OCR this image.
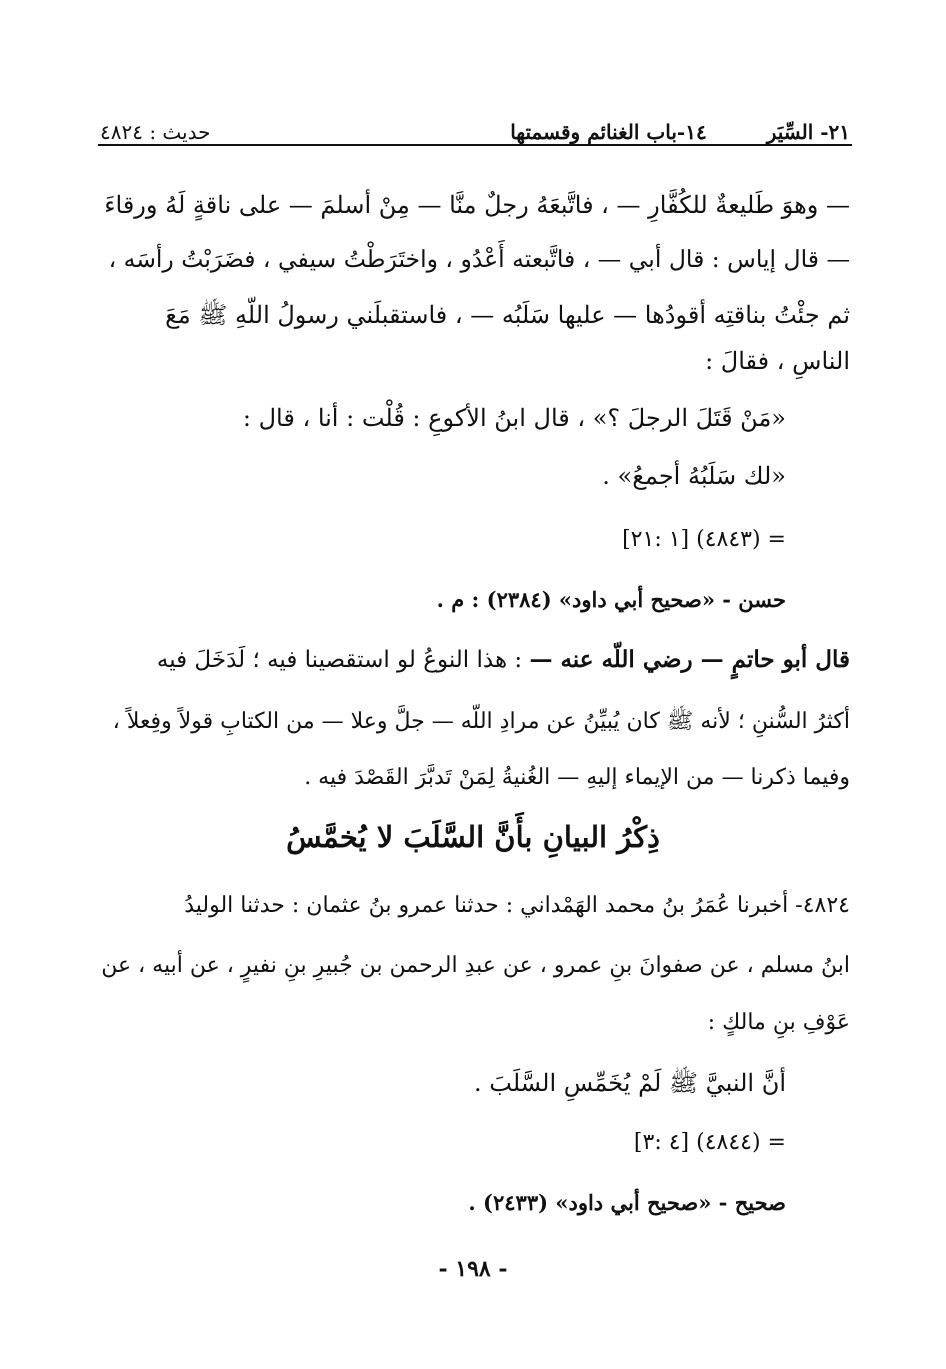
٢١- السِّيَر
١٤-باب الغنائم وقسمتها
حديث : ٤٨٢٤
— وهوَ طَليعةٌ للكُفَّارِ — ، فاتَّبعَهُ رجلٌ منَّا — مِنْ أسلمَ — على ناقةٍ لَهُ ورقاءَ
— قال إياس : قال أبي — ، فاتَّبعته أَعْدُو ، واختَرَطْتُ سيفي ، فضَرَبْتُ رأسَه ،
ثم جئْتُ بناقتِه أقودُها — عليها سَلَبُه — ، فاستقبلَني رسولُ اللّهِ ﷺ مَعَ
الناسِ ، فقالَ :
«مَنْ قَتَلَ الرجلَ ؟» ، قال ابنُ الأكوعِ : قُلْت : أنا ، قال :
«لك سَلَبُهُ أجمعُ» .
= (٤٨٤٣) [١ :٢١]
حسن - «صحيح أبي داود» (٢٣٨٤) : م .
قال أبو حاتمٍ — رضي اللّه عنه — : هذا النوعُ لو استقصينا فيه ؛ لَدَخَلَ فيه
أكثرُ السُّننِ ؛ لأنه ﷺ كان يُبيِّنُ عن مرادِ اللّه — جلَّ وعلا — من الكتابِ قولاً وفِعلاً ،
وفيما ذكرنا — من الإيماء إليهِ — الغُنيةُ لِمَنْ تَدبَّرَ القَصْدَ فيه .
ذِكْرُ البيانِ بأَنَّ السَّلَبَ لا يُخمَّسُ
٤٨٢٤- أخبرنا عُمَرُ بنُ محمد الهَمْداني : حدثنا عمرو بنُ عثمان : حدثنا الوليدُ
ابنُ مسلم ، عن صفوانَ بنِ عمرو ، عن عبدِ الرحمن بن جُبيرِ بنِ نفيرٍ ، عن أبيه ، عن
عَوْفِ بنِ مالكٍ :
أنَّ النبيَّ ﷺ لَمْ يُخَمِّسِ السَّلَبَ .
= (٤٨٤٤) [٤ :٣]
صحيح - «صحيح أبي داود» (٢٤٣٣) .
- ١٩٨ -
